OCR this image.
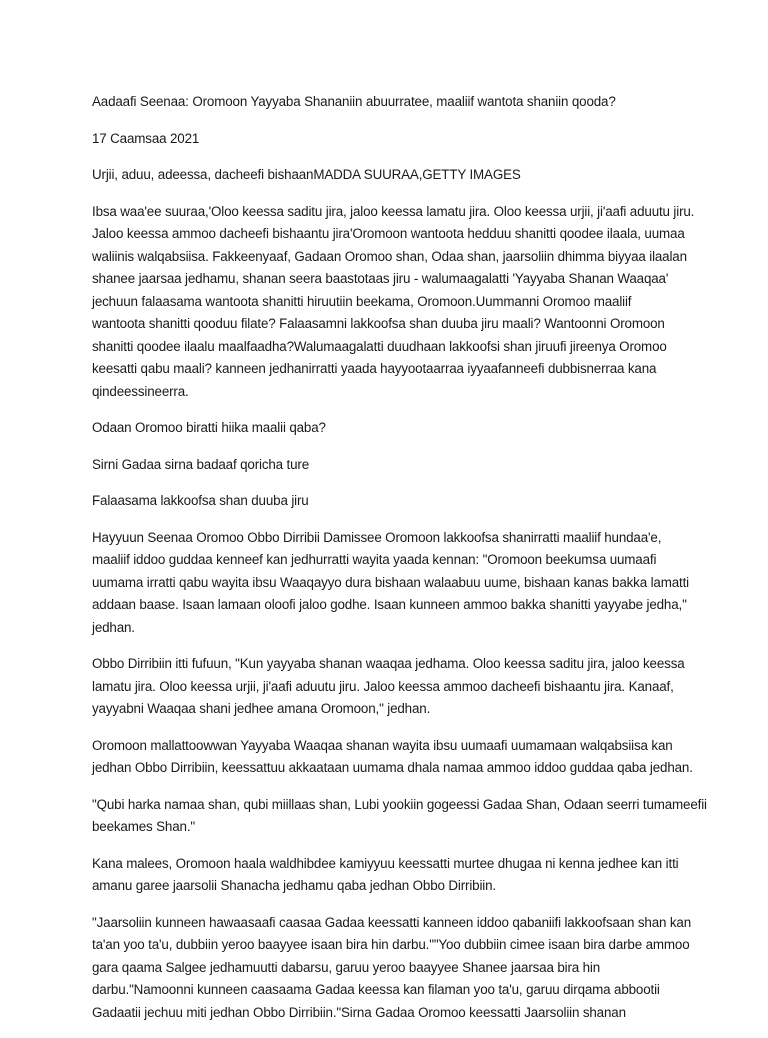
Aadaafi Seenaa: Oromoon Yayyaba Shananiin abuurratee, maaliif wantota shaniin qooda?

17 Caamsaa 2021

Urjii, aduu, adeessa, dacheefi bishaanMADDA SUURAA,GETTY IMAGES

Ibsa waa'ee suuraa,'Oloo keessa saditu jira, jaloo keessa lamatu jira. Oloo keessa urjii, ji'aafi aduutu jiru.
Jaloo keessa ammoo dacheefi bishaantu jira'Oromoon wantoota hedduu shanitti qoodee ilaala, uumaa
waliinis walqabsiisa. Fakkeenyaaf, Gadaan Oromoo shan, Odaa shan, jaarsoliin dhimma biyyaa ilaalan
shanee jaarsaa jedhamu, shanan seera baastotaas jiru - walumaagalatti 'Yayyaba Shanan Waaqaa'
jechuun falaasama wantoota shanitti hiruutiin beekama, Oromoon.Uummanni Oromoo maaliif
wantoota shanitti qooduu filate? Falaasamni lakkoofsa shan duuba jiru maali? Wantoonni Oromoon
shanitti qoodee ilaalu maalfaadha?Walumaagalatti duudhaan lakkoofsi shan jiruufi jireenya Oromoo
keesatti qabu maali? kanneen jedhanirratti yaada hayyootaarraa iyyaafanneefi dubbisnerraa kana
qindeessineerra.

Odaan Oromoo biratti hiika maalii qaba?

Sirni Gadaa sirna badaaf qoricha ture

Falaasama lakkoofsa shan duuba jiru

Hayyuun Seenaa Oromoo Obbo Dirribii Damissee Oromoon lakkoofsa shanirratti maaliif hundaa'e,
maaliif iddoo guddaa kenneef kan jedhurratti wayita yaada kennan: "Oromoon beekumsa uumaafi
uumama irratti qabu wayita ibsu Waaqayyo dura bishaan walaabuu uume, bishaan kanas bakka lamatti
addaan baase. Isaan lamaan oloofi jaloo godhe. Isaan kunneen ammoo bakka shanitti yayyabe jedha,"
jedhan.

Obbo Dirribiin itti fufuun, "Kun yayyaba shanan waaqaa jedhama. Oloo keessa saditu jira, jaloo keessa
lamatu jira. Oloo keessa urjii, ji'aafi aduutu jiru. Jaloo keessa ammoo dacheefi bishaantu jira. Kanaaf,
yayyabni Waaqaa shani jedhee amana Oromoon," jedhan.

Oromoon mallattoowwan Yayyaba Waaqaa shanan wayita ibsu uumaafi uumamaan walqabsiisa kan
jedhan Obbo Dirribiin, keessattuu akkaataan uumama dhala namaa ammoo iddoo guddaa qaba jedhan.

"Qubi harka namaa shan, qubi miillaas shan, Lubi yookiin gogeessi Gadaa Shan, Odaan seerri tumameefii
beekames Shan."

Kana malees, Oromoon haala waldhibdee kamiyyuu keessatti murtee dhugaa ni kenna jedhee kan itti
amanu garee jaarsolii Shanacha jedhamu qaba jedhan Obbo Dirribiin.

"Jaarsoliin kunneen hawaasaafi caasaa Gadaa keessatti kanneen iddoo qabaniifi lakkoofsaan shan kan
ta'an yoo ta'u, dubbiin yeroo baayyee isaan bira hin darbu.""Yoo dubbiin cimee isaan bira darbe ammoo
gara qaama Salgee jedhamuutti dabarsu, garuu yeroo baayyee Shanee jaarsaa bira hin
darbu."Namoonni kunneen caasaama Gadaa keessa kan filaman yoo ta'u, garuu dirqama abbootii
Gadaatii jechuu miti jedhan Obbo Dirribiin."Sirna Gadaa Oromoo keessatti Jaarsoliin shanan
